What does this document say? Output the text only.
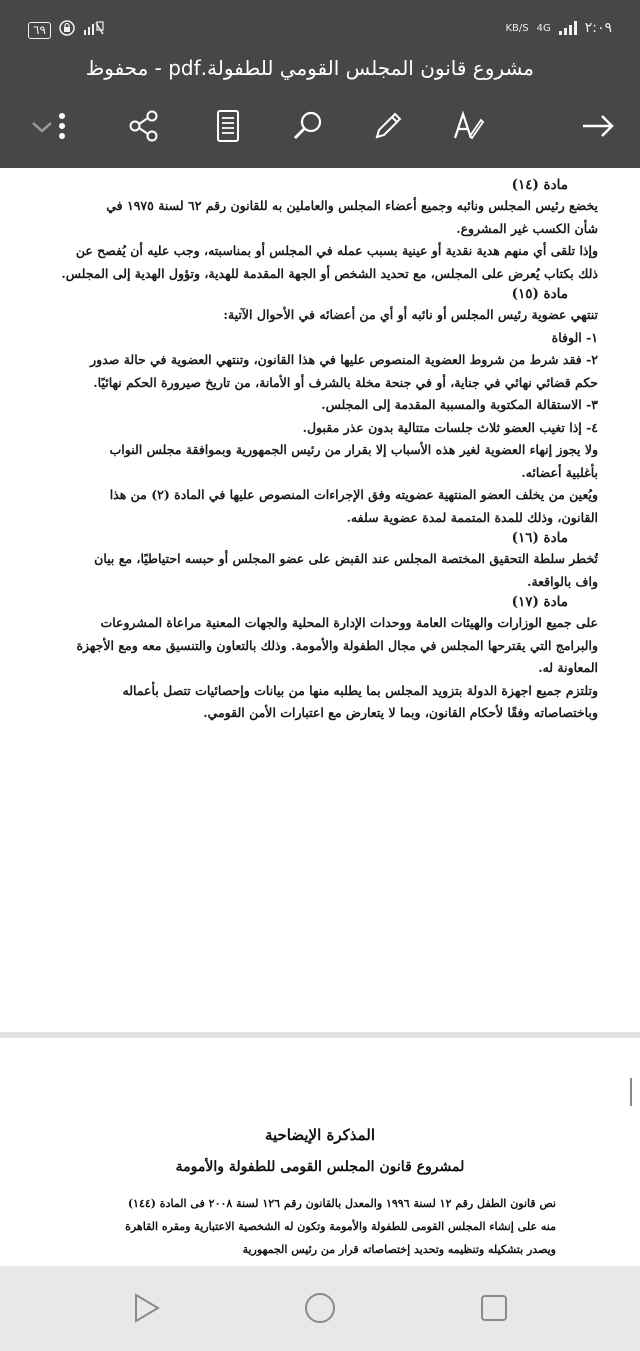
٦٩	KB/S 4G ٢:٠٩
مشروع قانون المجلس القومي للطفولة.pdf - محفوظ
مادة (١٤)
يخضع رئيس المجلس ونائبه وجميع أعضاء المجلس والعاملين به للقانون رقم ٦٢ لسنة ١٩٧٥ في
شأن الكسب غير المشروع.
وإذا تلقى أي منهم هدية نقدية أو عينية بسبب عمله في المجلس أو بمناسبته، وجب عليه أن يُفصح عن
ذلك بكتاب يُعرض على المجلس، مع تحديد الشخص أو الجهة المقدمة للهدية، وتؤول الهدية إلى المجلس.
مادة (١٥)
تنتهي عضوية رئيس المجلس أو نائبه أو أي من أعضائه في الأحوال الآتية:
١- الوفاة
٢- فقد شرط من شروط العضوية المنصوص عليها في هذا القانون، وتنتهي العضوية في حالة صدور
حكم قضائي نهائي في جناية، أو في جنحة مخلة بالشرف أو الأمانة، من تاريخ صيرورة الحكم نهائيًا.
٣- الاستقالة المكتوبة والمسببة المقدمة إلى المجلس.
٤- إذا تغيب العضو ثلاث جلسات متتالية بدون عذر مقبول.
ولا يجوز إنهاء العضوية لغير هذه الأسباب إلا بقرار من رئيس الجمهورية وبموافقة مجلس النواب
بأغلبية أعضائه.
ويُعين من يخلف العضو المنتهية عضويته وفق الإجراءات المنصوص عليها في المادة (٢) من هذا
القانون، وذلك للمدة المتممة لمدة عضوية سلفه.
مادة (١٦)
تُخطر سلطة التحقيق المختصة المجلس عند القبض على عضو المجلس أو حبسه احتياطيًا، مع بيان
واف بالواقعة.
مادة (١٧)
على جميع الوزارات والهيئات العامة ووحدات الإدارة المحلية والجهات المعنية مراعاة المشروعات
والبرامج التي يقترحها المجلس في مجال الطفولة والأمومة. وذلك بالتعاون والتنسيق معه ومع الأجهزة
المعاونة له.
وتلتزم جميع اجهزة الدولة بتزويد المجلس بما يطلبه منها من بيانات وإحصائيات تتصل بأعماله
وباختصاصاته وفقًا لأحكام القانون، وبما لا يتعارض مع اعتبارات الأمن القومي.
المذكرة الإيضاحية
لمشروع قانون المجلس القومى للطفولة والأمومة
نص قانون الطفل رقم ١٢ لسنة ١٩٩٦ والمعدل بالقانون رقم ١٢٦ لسنة ٢٠٠٨ فى المادة (١٤٤)
منه على إنشاء المجلس القومى للطفولة والأمومة وتكون له الشخصية الاعتبارية ومقره القاهرة
ويصدر بتشكيله وتنظيمه وتحديد إختصاصاته قرار من رئيس الجمهورية
